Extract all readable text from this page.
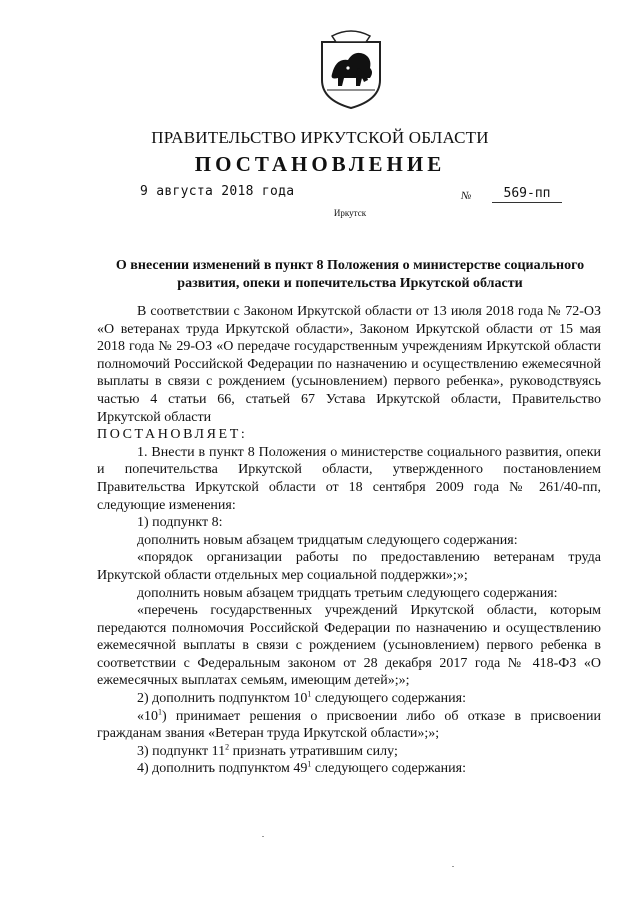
ПРАВИТЕЛЬСТВО ИРКУТСКОЙ ОБЛАСТИ
ПОСТАНОВЛЕНИЕ
9 августа 2018 года	№	569-пп
Иркутск
О внесении изменений в пункт 8 Положения о министерстве социального развития, опеки и попечительства Иркутской области

В соответствии с Законом Иркутской области от 13 июля 2018 года № 72-ОЗ «О ветеранах труда Иркутской области», Законом Иркутской области от 15 мая 2018 года № 29-ОЗ «О передаче государственным учреждениям Иркутской области полномочий Российской Федерации по назначению и осуществлению ежемесячной выплаты в связи с рождением (усыновлением) первого ребенка», руководствуясь частью 4 статьи 66, статьей 67 Устава Иркутской области, Правительство Иркутской области

ПОСТАНОВЛЯЕТ:

1. Внести в пункт 8 Положения о министерстве социального развития, опеки и попечительства Иркутской области, утвержденного постановлением Правительства Иркутской области от 18 сентября 2009 года № 261/40-пп, следующие изменения:

1) подпункт 8:

дополнить новым абзацем тридцатым следующего содержания:

«порядок организации работы по предоставлению ветеранам труда Иркутской области отдельных мер социальной поддержки»;»;

дополнить новым абзацем тридцать третьим следующего содержания:

«перечень государственных учреждений Иркутской области, которым передаются полномочия Российской Федерации по назначению и осуществлению ежемесячной выплаты в связи с рождением (усыновлением) первого ребенка в соответствии с Федеральным законом от 28 декабря 2017 года № 418-ФЗ «О ежемесячных выплатах семьям, имеющим детей»;»;

2) дополнить подпунктом $10^1$ следующего содержания:

«$10^1$) принимает решения о присвоении либо об отказе в присвоении гражданам звания «Ветеран труда Иркутской области»;»;

3) подпункт $11^2$ признать утратившим силу;

4) дополнить подпунктом $49^1$ следующего содержания:
